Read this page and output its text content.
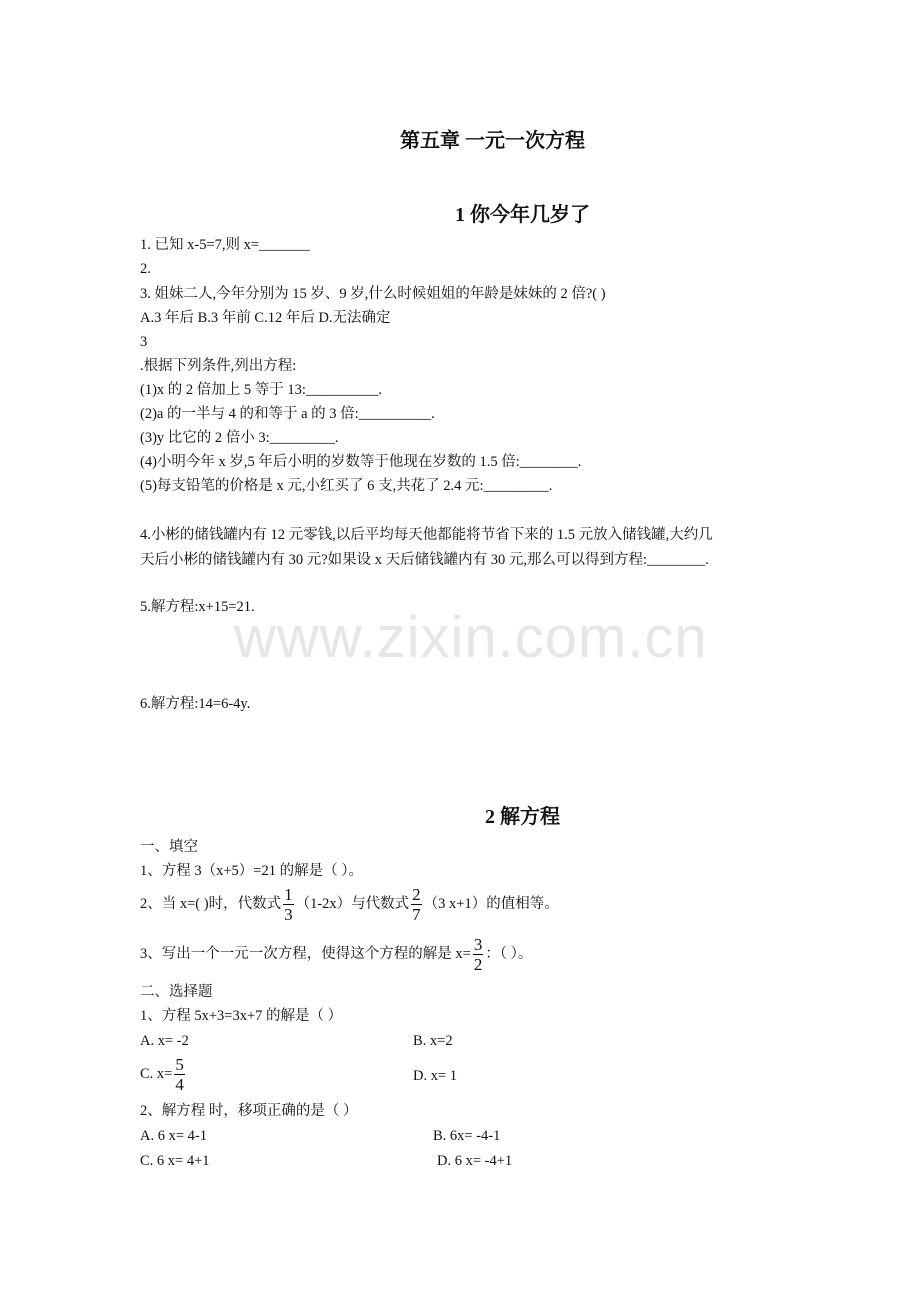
第五章 一元一次方程
1 你今年几岁了
1. 已知 x-5=7,则 x=_______
2.
3. 姐妹二人,今年分别为 15 岁、9 岁,什么时候姐姐的年龄是妹妹的 2 倍?( )
A.3 年后 B.3 年前 C.12 年后 D.无法确定
3
.根据下列条件,列出方程:
(1)x 的 2 倍加上 5 等于 13:__________.
(2)a 的一半与 4 的和等于 a 的 3 倍:__________.
(3)y 比它的 2 倍小 3:_________.
(4)小明今年 x 岁,5 年后小明的岁数等于他现在岁数的 1.5 倍:________.
(5)每支铅笔的价格是 x 元,小红买了 6 支,共花了 2.4 元:_________.
4.小彬的储钱罐内有 12 元零钱,以后平均每天他都能将节省下来的 1.5 元放入储钱罐,大约几
天后小彬的储钱罐内有 30 元?如果设 x 天后储钱罐内有 30 元,那么可以得到方程:________.
5.解方程:x+15=21.
6.解方程:14=6-4y.
www.zixin.com.cn
2 解方程
一、填空
1、方程 3（x+5）=21 的解是（ ）。
2、当 x=( )时，代数式 $\frac{1}{3} (1-2x)$与代数式 $\frac{2}{7} (3$ x+1）的值相等。
3、写出一个一元一次方程，使得这个方程的解是 $x= \frac{3}{2}$ ：（ ）。
二、选择题
1、方程 5x+3=3x+7 的解是（ ）
A. x= -2	B. x=2
C. $x= \frac{5}{4}$	D. x= 1
2、解方程 时，移项正确的是（ ）
A. 6 x= 4-1	B. 6x= -4-1
C. 6 x= 4+1	D. 6 x= -4+1
